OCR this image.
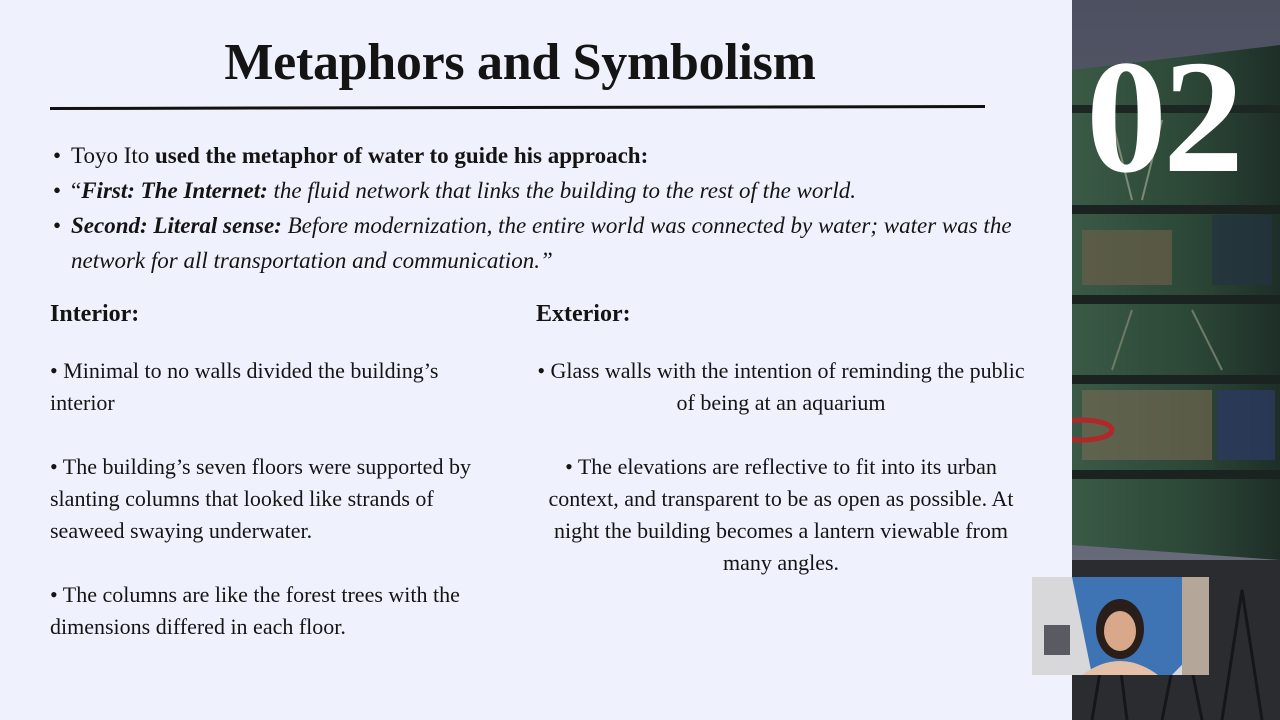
Metaphors and Symbolism
• Toyo Ito used the metaphor of water to guide his approach:
• “First: The Internet: the fluid network that links the building to the rest of the world.
• Second: Literal sense: Before modernization, the entire world was connected by water; water was the network for all transportation and communication.”
Interior:

• Minimal to no walls divided the building’s interior

• The building’s seven floors were supported by slanting columns that looked like strands of seaweed swaying underwater.

• The columns are like the forest trees with the dimensions differed in each floor.

Exterior:

• Glass walls with the intention of reminding the public of being at an aquarium

• The elevations are reflective to fit into its urban context, and transparent to be as open as possible. At night the building becomes a lantern viewable from many angles.

02
